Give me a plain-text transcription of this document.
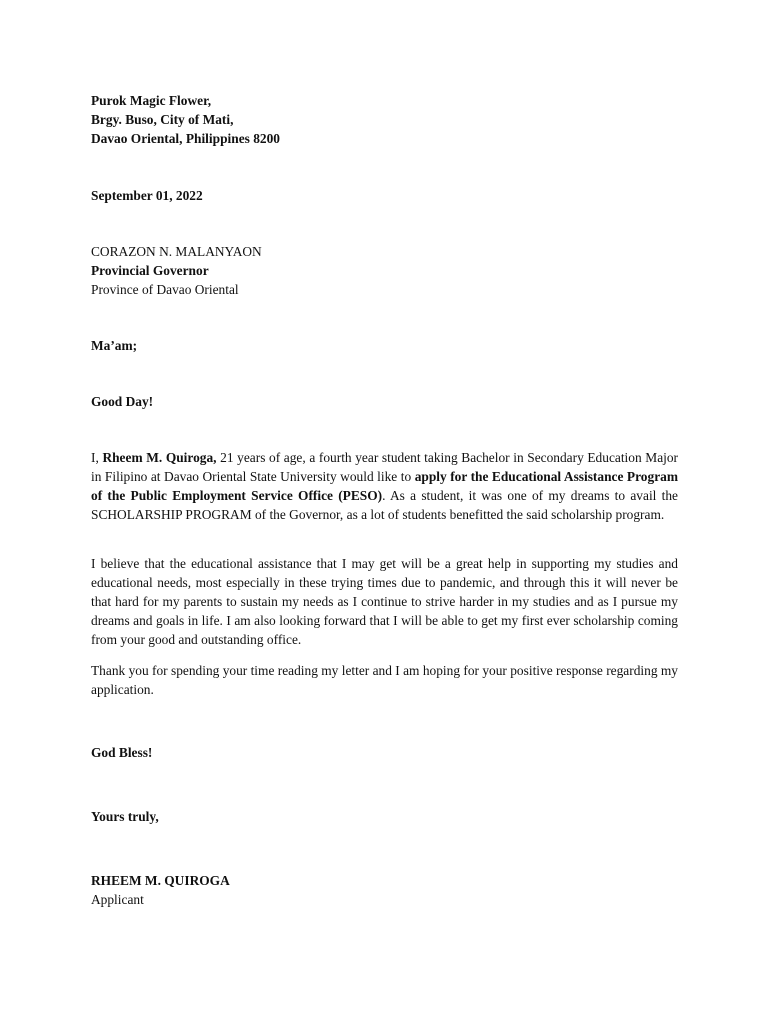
Purok Magic Flower,
Brgy. Buso, City of Mati,
Davao Oriental, Philippines 8200
September 01, 2022
CORAZON N. MALANYAON
Provincial Governor
Province of Davao Oriental
Ma’am;
Good Day!

I, Rheem M. Quiroga, 21 years of age, a fourth year student taking Bachelor in Secondary Education Major in Filipino at Davao Oriental State University would like to apply for the Educational Assistance Program of the Public Employment Service Office (PESO). As a student, it was one of my dreams to avail the SCHOLARSHIP PROGRAM of the Governor, as a lot of students benefitted the said scholarship program.

I believe that the educational assistance that I may get will be a great help in supporting my studies and educational needs, most especially in these trying times due to pandemic, and through this it will never be that hard for my parents to sustain my needs as I continue to strive harder in my studies and as I pursue my dreams and goals in life. I am also looking forward that I will be able to get my first ever scholarship coming from your good and outstanding office.

Thank you for spending your time reading my letter and I am hoping for your positive response regarding my application.

God Bless!
Yours truly,
RHEEM M. QUIROGA
Applicant
